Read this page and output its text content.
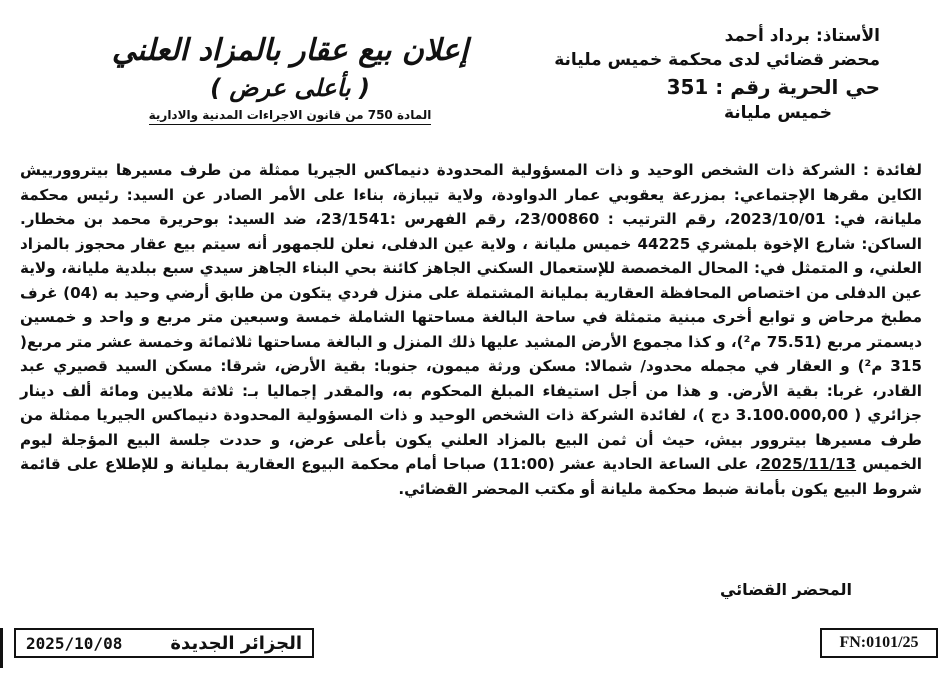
الأستاذ: برداد أحمد
محضر قضائي لدى محكمة خميس مليانة
حي الحرية رقم : 351
خميس مليانة
إعلان بيع عقار بالمزاد العلني
( بأعلى عرض )
المادة 750 من قانون الاجراءات المدنية والادارية

لفائدة : الشركة ذات الشخص الوحيد و ذات المسؤولية المحدودة دنيماكس الجيريا ممثلة من طرف مسيرها بيتروورييش الكاين مقرها الإجتماعي: بمزرعة يعقوبي عمار الدواودة، ولاية تيبازة، بناءا على الأمر الصادر عن السيد: رئيس محكمة مليانة، في: 2023/10/01، رقم الترتيب : 23/00860، رقم الفهرس :23/1541، ضد السيد: بوحريرة محمد بن مخطار. الساكن: شارع الإخوة بلمشري 44225 خميس مليانة ، ولاية عين الدفلى، نعلن للجمهور أنه سيتم بيع عقار محجوز بالمزاد العلني، و المتمثل في: المحال المخصصة للإستعمال السكني الجاهز كائنة بحي البناء الجاهز سيدي سبع ببلدية مليانة، ولاية عين الدفلى من اختصاص المحافظة العقارية بمليانة المشتملة على منزل فردي يتكون من طابق أرضي وحيد به (04) غرف مطبخ مرحاض و توابع أخرى مبنية متمثلة في ساحة البالغة مساحتها الشاملة خمسة وسبعين متر مربع و واحد و خمسين ديسمتر مربع (75.51 م²)، و كذا مجموع الأرض المشيد عليها ذلك المنزل و البالغة مساحتها ثلاثمائة وخمسة عشر متر مربع( 315 م²) و العقار في مجمله محدود/ شمالا: مسكن ورثة ميمون، جنوبا: بقية الأرض، شرقا: مسكن السيد قصيري عبد القادر، غربا: بقية الأرض. و هذا من أجل استيفاء المبلغ المحكوم به، والمقدر إجماليا بـ: ثلاثة ملايين ومائة ألف دينار جزائري ( 3.100.000,00 دج )، لفائدة الشركة ذات الشخص الوحيد و ذات المسؤولية المحدودة دنيماكس الجيريا ممثلة من طرف مسيرها بيتروور بيش، حيث أن ثمن البيع بالمزاد العلني يكون بأعلى عرض، و حددت جلسة البيع المؤجلة ليوم الخميس 2025/11/13، على الساعة الحادية عشر (11:00) صباحا أمام محكمة البيوع العقارية بمليانة و للإطلاع على قائمة شروط البيع يكون بأمانة ضبط محكمة مليانة أو مكتب المحضر القضائي.

المحضر القضائي
الجزائر الجديدة
2025/10/08	FN:0101/25
